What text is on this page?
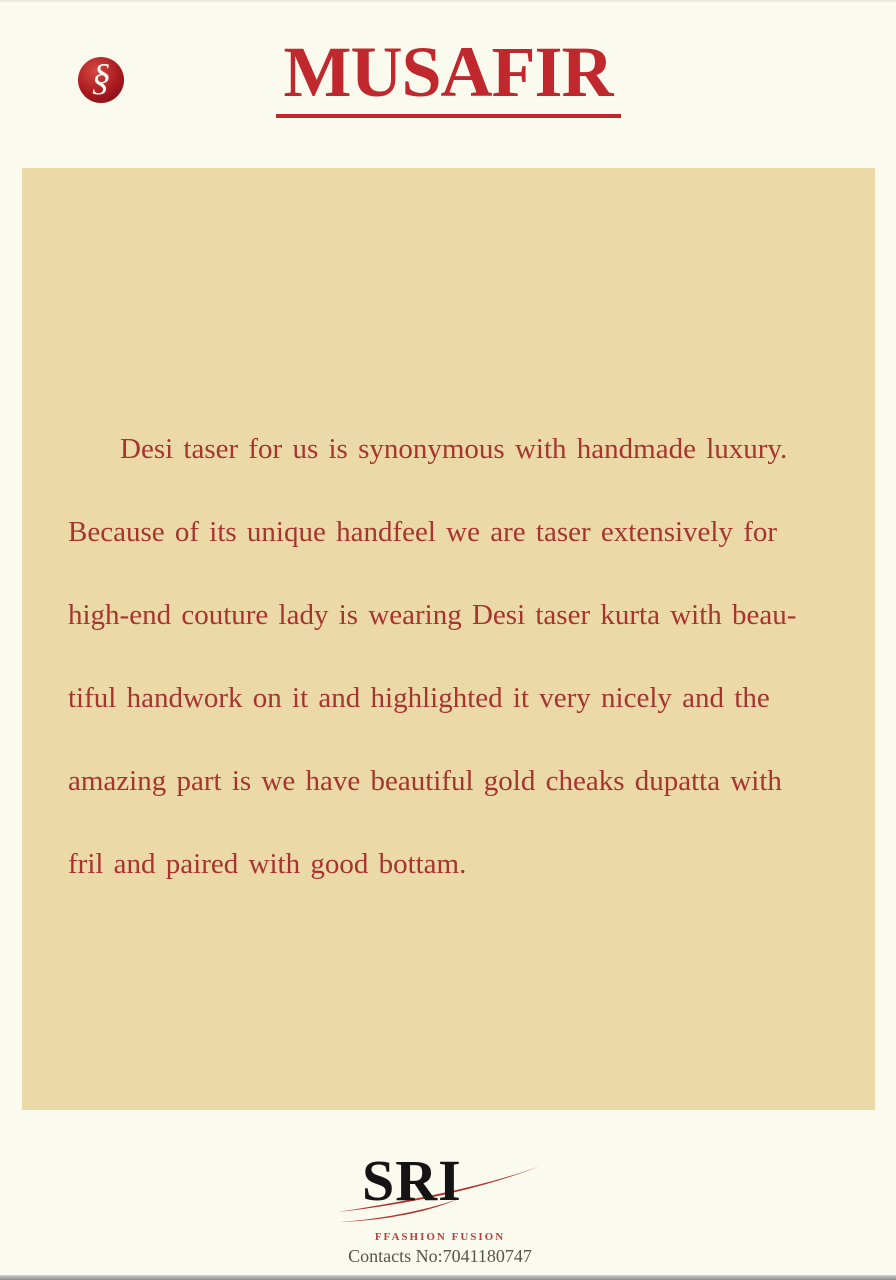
§	MUSAFIR

Desi taser for us is synonymous with handmade luxury.

Because of its unique handfeel we are taser extensively for

high-end couture lady is wearing Desi taser kurta with beau-

tiful handwork on it and highlighted it very nicely and the

amazing part is we have beautiful gold cheaks dupatta with

fril and paired with good bottam.

SRI
FFASHION FUSION
Contacts No:7041180747
